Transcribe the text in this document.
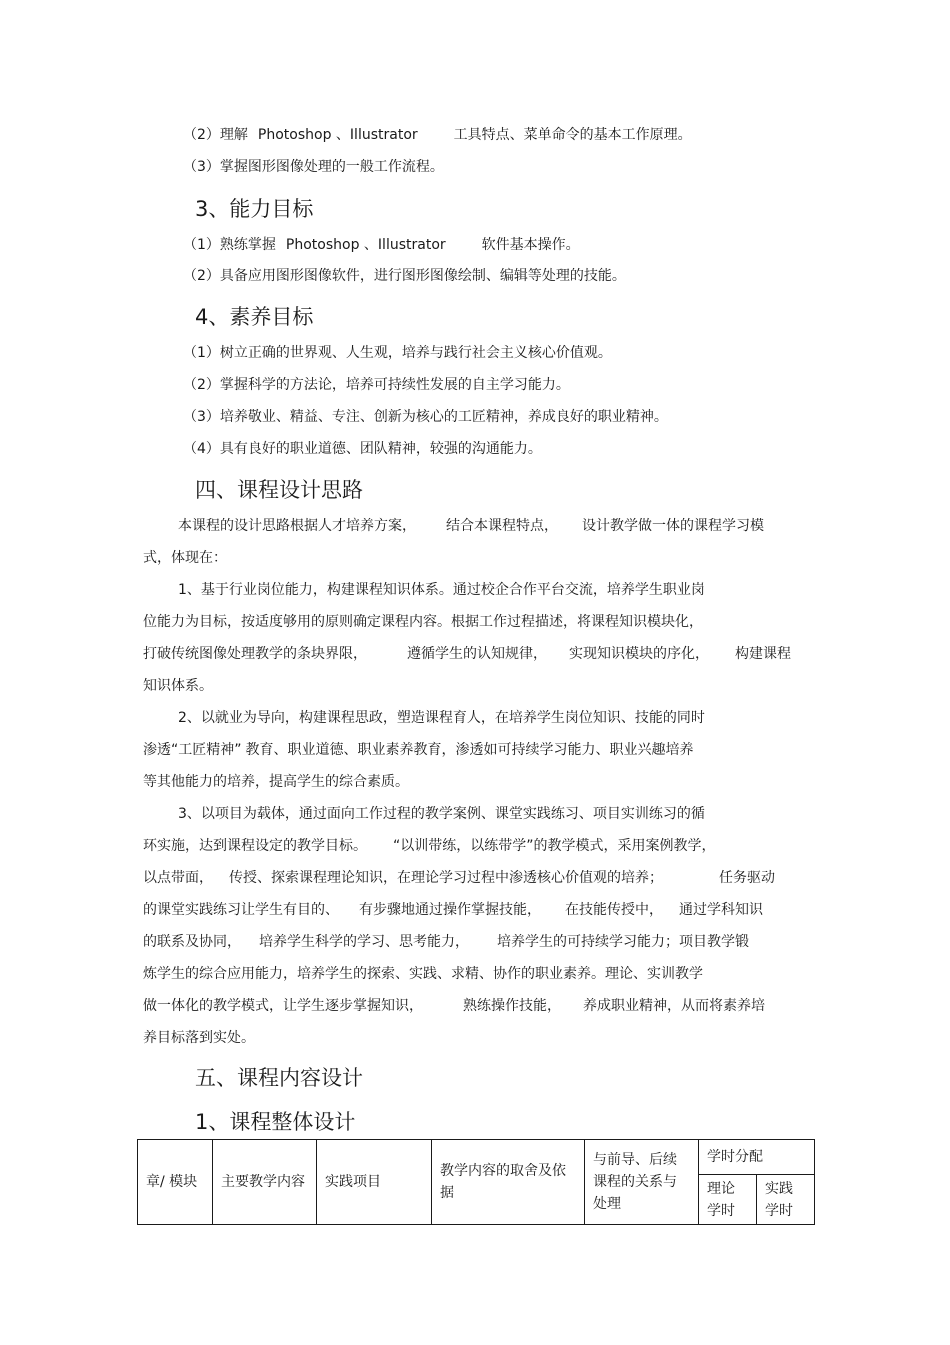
（2）理解 Photoshop 、Illustrator	工具特点、菜单命令的基本工作原理。

（3）掌握图形图像处理的一般工作流程。

3、能力目标

（1）熟练掌握 Photoshop 、Illustrator	软件基本操作。

（2）具备应用图形图像软件，进行图形图像绘制、编辑等处理的技能。

4、素养目标

（1）树立正确的世界观、人生观，培养与践行社会主义核心价值观。

（2）掌握科学的方法论，培养可持续性发展的自主学习能力。

（3）培养敬业、精益、专注、创新为核心的工匠精神，养成良好的职业精神。

（4）具有良好的职业道德、团队精神，较强的沟通能力。

四、课程设计思路

本课程的设计思路根据人才培养方案， 结合本课程特点， 设计教学做一体的课程学习模

式，体现在：

1、基于行业岗位能力，构建课程知识体系。通过校企合作平台交流，培养学生职业岗

位能力为目标，按适度够用的原则确定课程内容。根据工作过程描述，将课程知识模块化，

打破传统图像处理教学的条块界限，	遵循学生的认知规律， 实现知识模块的序化， 构建课程

知识体系。

2、以就业为导向，构建课程思政，塑造课程育人，在培养学生岗位知识、技能的同时

渗透“工匠精神” 教育、职业道德、职业素养教育，渗透如可持续学习能力、职业兴趣培养

等其他能力的培养，提高学生的综合素质。

3、以项目为载体，通过面向工作过程的教学案例、课堂实践练习、项目实训练习的循

环实施，达到课程设定的教学目标。 “以训带练，以练带学”的教学模式，采用案例教学，

以点带面， 传授、探索课程理论知识，在理论学习过程中渗透核心价值观的培养；	任务驱动

的课堂实践练习让学生有目的、 有步骤地通过操作掌握技能， 在技能传授中， 通过学科知识

的联系及协同， 培养学生科学的学习、思考能力， 培养学生的可持续学习能力；项目教学锻

炼学生的综合应用能力，培养学生的探索、实践、求精、协作的职业素养。理论、实训教学

做一体化的教学模式，让学生逐步掌握知识，	熟练操作技能， 养成职业精神，从而将素养培

养目标落到实处。

五、课程内容设计

1、课程整体设计

章/ 模块	主要教学内容	实践项目	教学内容的取舍及依据	与前导、后续课程的关系与处理	学时分配	
					理论学时	实践学时
